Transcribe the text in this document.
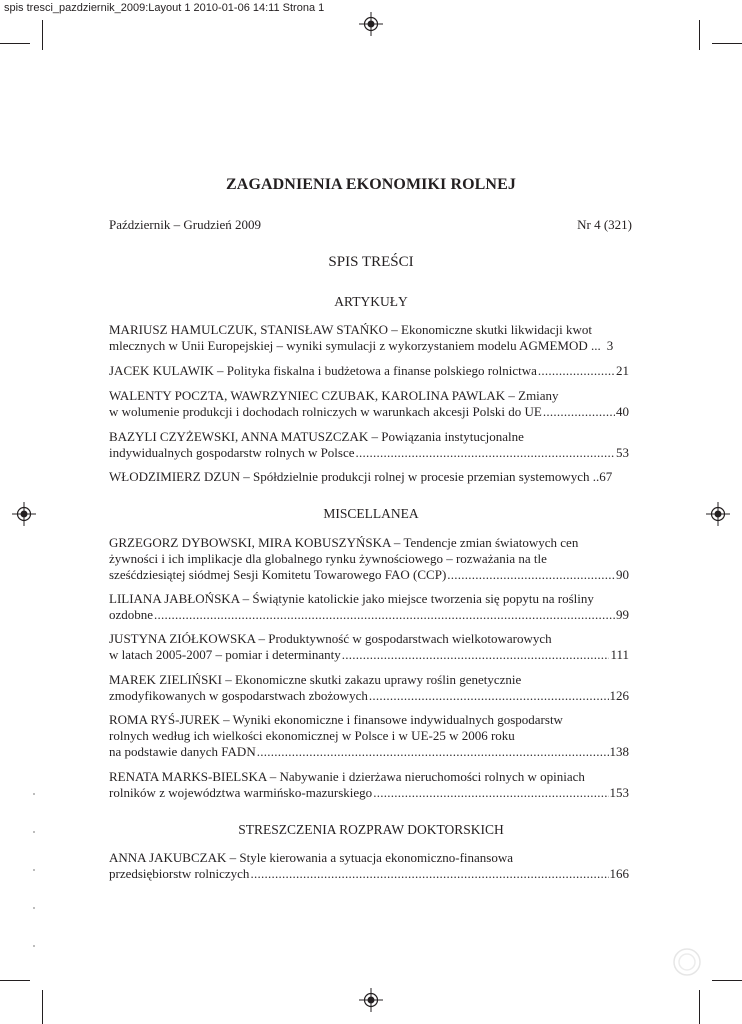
spis tresci_pazdziernik_2009:Layout 1 2010-01-06 14:11 Strona 1
ZAGADNIENIA EKONOMIKI ROLNEJ
Październik – Grudzień 2009	Nr 4 (321)
SPIS TREŚCI
ARTYKUŁY
MARIUSZ HAMULCZUK, STANISŁAW STAŃKO – Ekonomiczne skutki likwidacji kwot
mlecznych w Unii Europejskiej – wyniki symulacji z wykorzystaniem modelu AGMEMOD ... 3
JACEK KULAWIK – Polityka fiskalna i budżetowa a finanse polskiego rolnictwa . . .	21
WALENTY POCZTA, WAWRZYNIEC CZUBAK, KAROLINA PAWLAK – Zmiany
w wolumenie produkcji i dochodach rolniczych w warunkach akcesji Polski do UE . . .	40
BAZYLI CZYŻEWSKI, ANNA MATUSZCZAK – Powiązania instytucjonalne
indywidualnych gospodarstw rolnych w Polsce . . .	53
WŁODZIMIERZ DZUN – Spółdzielnie produkcji rolnej w procesie przemian systemowych .. 67
MISCELLANEA
GRZEGORZ DYBOWSKI, MIRA KOBUSZYŃSKA – Tendencje zmian światowych cen
żywności i ich implikacje dla globalnego rynku żywnościowego – rozważania na tle
sześćdziesiątej siódmej Sesji Komitetu Towarowego FAO (CCP) . . .	90
LILIANA JABŁOŃSKA – Świątynie katolickie jako miejsce tworzenia się popytu na rośliny
ozdobne . . .	99
JUSTYNA ZIÓŁKOWSKA – Produktywność w gospodarstwach wielkotowarowych
w latach 2005-2007 – pomiar i determinanty . . .	111
MAREK ZIELIŃSKI – Ekonomiczne skutki zakazu uprawy roślin genetycznie
zmodyfikowanych w gospodarstwach zbożowych . . .	126
ROMA RYŚ-JUREK – Wyniki ekonomiczne i finansowe indywidualnych gospodarstw
rolnych według ich wielkości ekonomicznej w Polsce i w UE-25 w 2006 roku
na podstawie danych FADN . . .	138
RENATA MARKS-BIELSKA – Nabywanie i dzierżawa nieruchomości rolnych w opiniach
rolników z województwa warmińsko-mazurskiego . . .	153
STRESZCZENIA ROZPRAW DOKTORSKICH
ANNA JAKUBCZAK – Style kierowania a sytuacja ekonomiczno-finansowa
przedsiębiorstw rolniczych . . .	166
